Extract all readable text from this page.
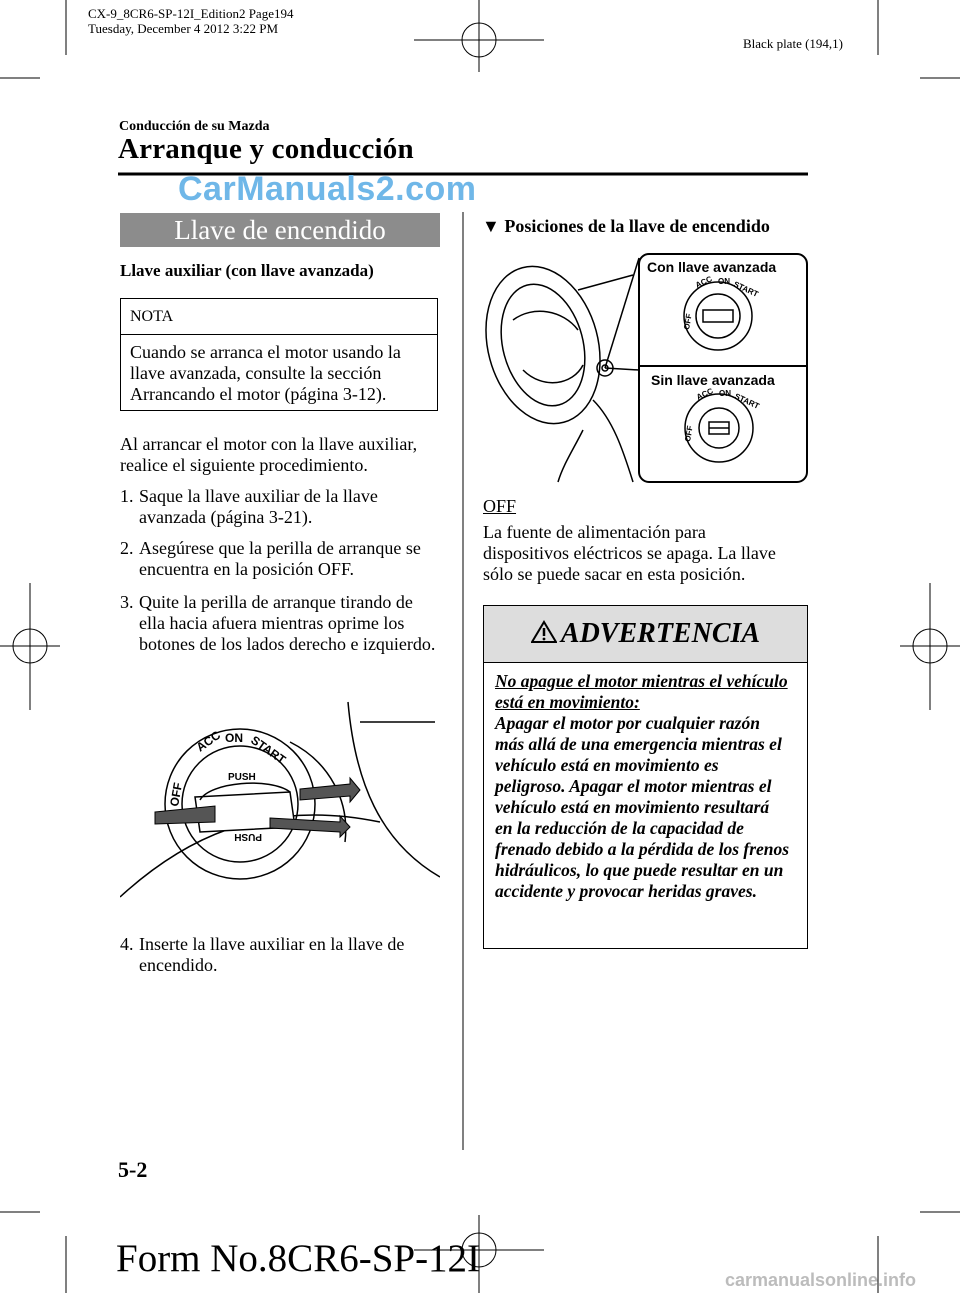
CX-9_8CR6-SP-12I_Edition2 Page194
Tuesday, December 4 2012 3:22 PM
Black plate (194,1)
Conducción de su Mazda
Arranque y conducción
CarManuals2.com
Llave de encendido
Llave auxiliar (con llave avanzada)
NOTA
Cuando se arranca el motor usando la llave avanzada, consulte la sección Arrancando el motor (página 3-12).
Al arrancar el motor con la llave auxiliar, realice el siguiente procedimiento.
1. Saque la llave auxiliar de la llave avanzada (página 3-21).
2. Asegúrese que la perilla de arranque se encuentra en la posición OFF.
3. Quite la perilla de arranque tirando de ella hacia afuera mientras oprime los botones de los lados derecho e izquierdo.
ACC ON START
OFF
PUSH
PUSH
4. Inserte la llave auxiliar en la llave de encendido.
▼ Posiciones de la llave de encendido
Con llave avanzada
Sin llave avanzada
ACC ON START
OFF
ACC ON START
OFF
OFF
La fuente de alimentación para dispositivos eléctricos se apaga. La llave sólo se puede sacar en esta posición.
ADVERTENCIA
No apague el motor mientras el vehículo está en movimiento:
Apagar el motor por cualquier razón más allá de una emergencia mientras el vehículo está en movimiento es peligroso. Apagar el motor mientras el vehículo está en movimiento resultará en la reducción de la capacidad de frenado debido a la pérdida de los frenos hidráulicos, lo que puede resultar en un accidente y provocar heridas graves.
5-2
Form No.8CR6-SP-12I	carmanualsonline.info
